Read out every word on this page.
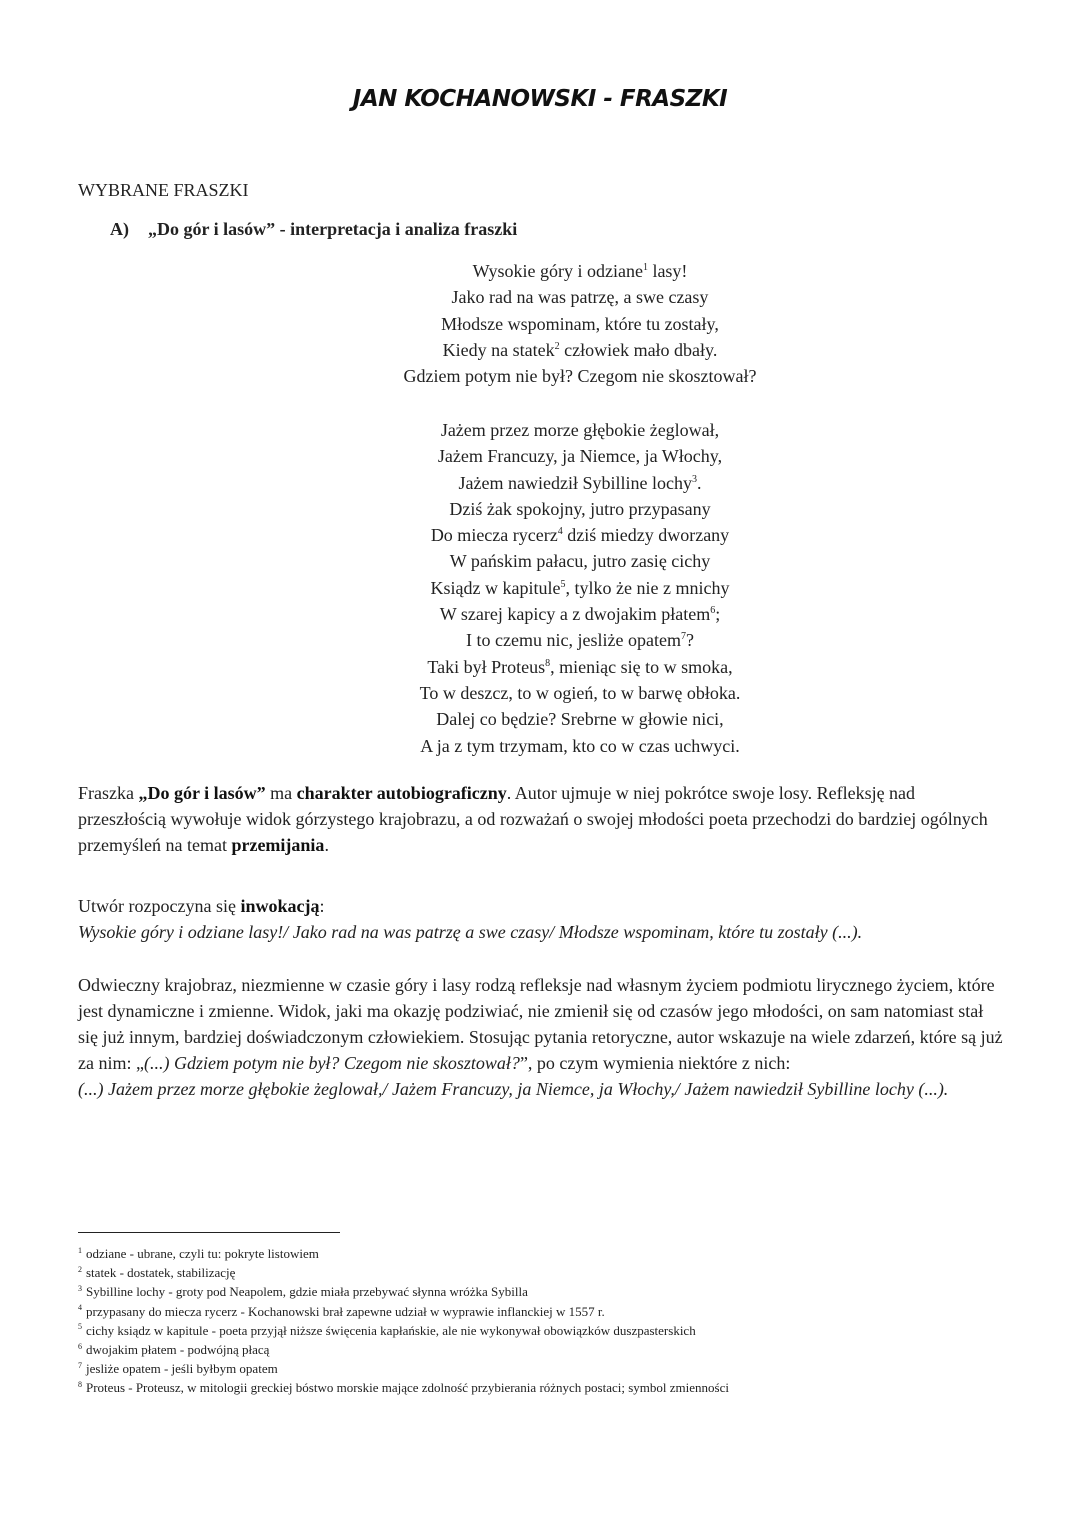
JAN KOCHANOWSKI - FRASZKI
WYBRANE FRASZKI
A) „Do gór i lasów” - interpretacja i analiza fraszki
Wysokie góry i odziane$^1$ lasy!
Jako rad na was patrzę, a swe czasy
Młodsze wspominam, które tu zostały,
Kiedy na statek$^2$ człowiek mało dbały.
Gdziem potym nie był? Czegom nie skosztował?
Jażem przez morze głębokie żeglował,
Jażem Francuzy, ja Niemce, ja Włochy,
Jażem nawiedził Sybilline lochy$^3$.
Dziś żak spokojny, jutro przypasany
Do miecza rycerz$^4$ dziś miedzy dworzany
W pańskim pałacu, jutro zasię cichy
Ksiądz w kapitule$^5$, tylko że nie z mnichy
W szarej kapicy a z dwojakim płatem$^6$;
I to czemu nic, jesliże opatem$^7$?
Taki był Proteus$^8$, mieniąc się to w smoka,
To w deszcz, to w ogień, to w barwę obłoka.
Dalej co będzie? Srebrne w głowie nici,
A ja z tym trzymam, kto co w czas uchwyci.
Fraszka „Do gór i lasów” ma charakter autobiograficzny. Autor ujmuje w niej pokrótce swoje losy. Refleksję nad przeszłością wywołuje widok górzystego krajobrazu, a od rozważań o swojej młodości poeta przechodzi do bardziej ogólnych przemyśleń na temat przemijania.
Utwór rozpoczyna się inwokacją:
Wysokie góry i odziane lasy!/ Jako rad na was patrzę a swe czasy/ Młodsze wspominam, które tu zostały (...).
Odwieczny krajobraz, niezmienne w czasie góry i lasy rodzą refleksje nad własnym życiem podmiotu lirycznego życiem, które jest dynamiczne i zmienne. Widok, jaki ma okazję podziwiać, nie zmienił się od czasów jego młodości, on sam natomiast stał się już innym, bardziej doświadczonym człowiekiem. Stosując pytania retoryczne, autor wskazuje na wiele zdarzeń, które są już za nim: „(...) Gdziem potym nie był? Czegom nie skosztował?”, po czym wymienia niektóre z nich:
(...) Jażem przez morze głębokie żeglował,/ Jażem Francuzy, ja Niemce, ja Włochy,/ Jażem nawiedził Sybilline lochy (...).
$^1$ odziane - ubrane, czyli tu: pokryte listowiem
$^2$ statek - dostatek, stabilizację
$^3$ Sybilline lochy - groty pod Neapolem, gdzie miała przebywać słynna wróżka Sybilla
$^4$ przypasany do miecza rycerz - Kochanowski brał zapewne udział w wyprawie inflanckiej w 1557 r.
$^5$ cichy ksiądz w kapitule - poeta przyjął niższe święcenia kapłańskie, ale nie wykonywał obowiązków duszpasterskich
$^6$ dwojakim płatem - podwójną płacą
$^7$ jesliże opatem - jeśli byłbym opatem
$^8$ Proteus - Proteusz, w mitologii greckiej bóstwo morskie mające zdolność przybierania różnych postaci; symbol zmienności
